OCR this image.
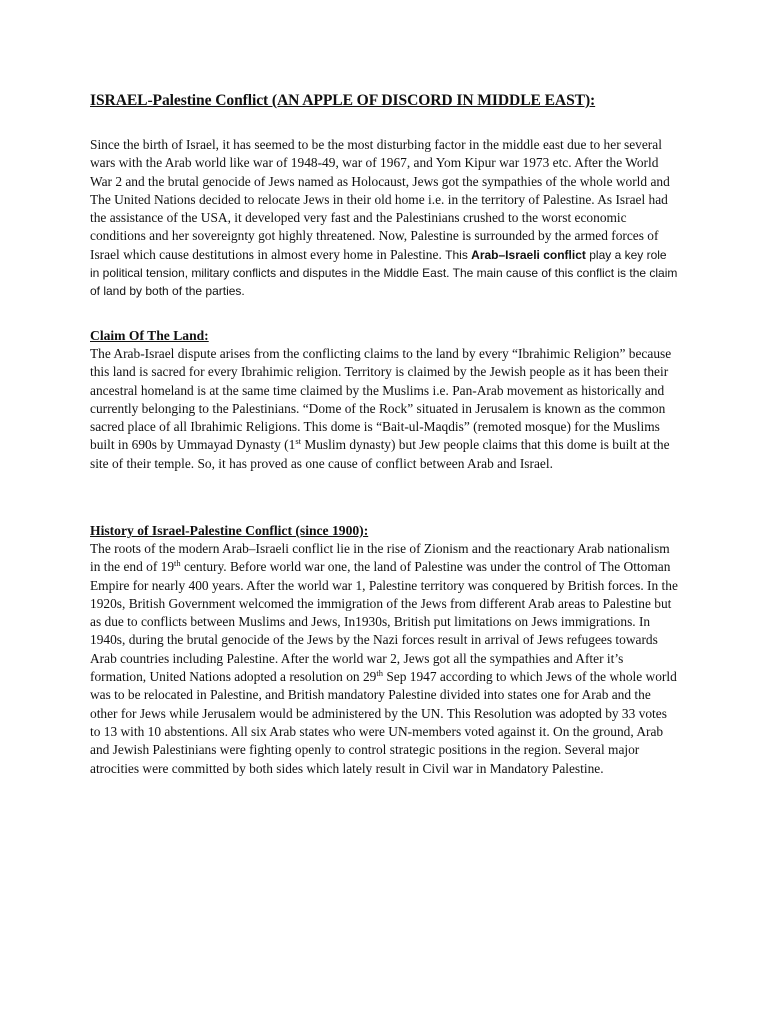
ISRAEL-Palestine Conflict (AN APPLE OF DISCORD IN MIDDLE EAST):

Since the birth of Israel, it has seemed to be the most disturbing factor in the middle east due to her several wars with the Arab world like war of 1948-49, war of 1967, and Yom Kipur war 1973 etc. After the World War 2 and the brutal genocide of Jews named as Holocaust, Jews got the sympathies of the whole world and The United Nations decided to relocate Jews in their old home i.e. in the territory of Palestine. As Israel had the assistance of the USA, it developed very fast and the Palestinians crushed to the worst economic conditions and her sovereignty got highly threatened. Now, Palestine is surrounded by the armed forces of Israel which cause destitutions in almost every home in Palestine. This Arab–Israeli conflict play a key role in political tension, military conflicts and disputes in the Middle East. The main cause of this conflict is the claim of land by both of the parties.

Claim Of The Land:

The Arab-Israel dispute arises from the conflicting claims to the land by every “Ibrahimic Religion” because this land is sacred for every Ibrahimic religion. Territory is claimed by the Jewish people as it has been their ancestral homeland is at the same time claimed by the Muslims i.e. Pan-Arab movement as historically and currently belonging to the Palestinians. “Dome of the Rock” situated in Jerusalem is known as the common sacred place of all Ibrahimic Religions. This dome is “Bait-ul-Maqdis” (remoted mosque) for the Muslims built in 690s by Ummayad Dynasty (1st Muslim dynasty) but Jew people claims that this dome is built at the site of their temple. So, it has proved as one cause of conflict between Arab and Israel.

History of Israel-Palestine Conflict (since 1900):

The roots of the modern Arab–Israeli conflict lie in the rise of Zionism and the reactionary Arab nationalism in the end of 19th century. Before world war one, the land of Palestine was under the control of The Ottoman Empire for nearly 400 years. After the world war 1, Palestine territory was conquered by British forces. In the 1920s, British Government welcomed the immigration of the Jews from different Arab areas to Palestine but as due to conflicts between Muslims and Jews, In1930s, British put limitations on Jews immigrations. In 1940s, during the brutal genocide of the Jews by the Nazi forces result in arrival of Jews refugees towards Arab countries including Palestine. After the world war 2, Jews got all the sympathies and After it’s formation, United Nations adopted a resolution on 29th Sep 1947 according to which Jews of the whole world was to be relocated in Palestine, and British mandatory Palestine divided into states one for Arab and the other for Jews while Jerusalem would be administered by the UN. This Resolution was adopted by 33 votes to 13 with 10 abstentions. All six Arab states who were UN-members voted against it. On the ground, Arab and Jewish Palestinians were fighting openly to control strategic positions in the region. Several major atrocities were committed by both sides which lately result in Civil war in Mandatory Palestine.
